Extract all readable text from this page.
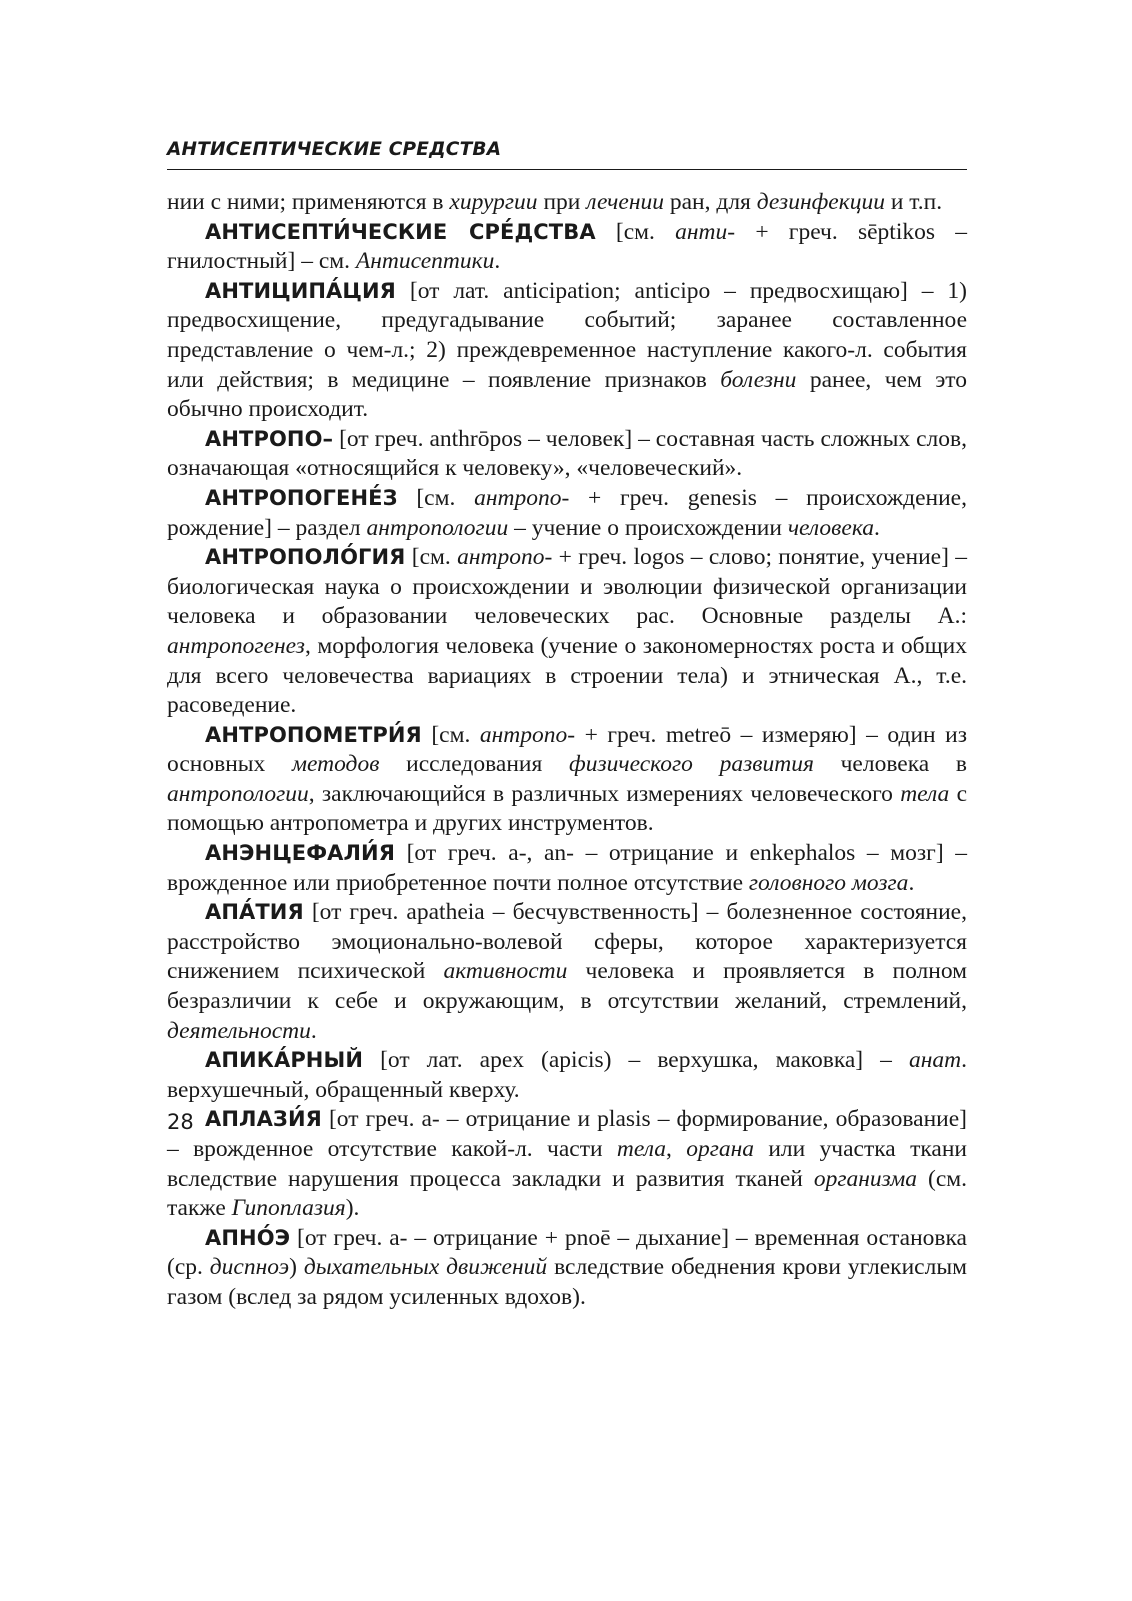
АНТИСЕПТИЧЕСКИЕ СРЕДСТВА

нии с ними; применяются в хирургии при лечении ран, для дезинфекции и т.п.

АНТИСЕПТИ́ЧЕСКИЕ СРЕ́ДСТВА [см. анти- + греч. sēptikos – гнилостный] – см. Антисептики.

АНТИЦИПА́ЦИЯ [от лат. anticipation; anticipo – предвосхищаю] – 1) предвосхищение, предугадывание событий; заранее составленное представление о чем-л.; 2) преждевременное наступление какого-л. события или действия; в медицине – появление признаков болезни ранее, чем это обычно происходит.

АНТРОПО– [от греч. anthrōpos – человек] – составная часть сложных слов, означающая «относящийся к человеку», «человеческий».

АНТРОПОГЕНЕ́З [см. антропо- + греч. genesis – происхождение, рождение] – раздел антропологии – учение о происхождении человека.

АНТРОПОЛО́ГИЯ [см. антропо- + греч. logos – слово; понятие, учение] – биологическая наука о происхождении и эволюции физической организации человека и образовании человеческих рас. Основные разделы А.: антропогенез, морфология человека (учение о закономерностях роста и общих для всего человечества вариациях в строении тела) и этническая А., т.е. расоведение.

АНТРОПОМЕТРИ́Я [см. антропо- + греч. metreō – измеряю] – один из основных методов исследования физического развития человека в антропологии, заключающийся в различных измерениях человеческого тела с помощью антропометра и других инструментов.

АНЭНЦЕФАЛИ́Я [от греч. a-, an- – отрицание и enkephalos – мозг] – врожденное или приобретенное почти полное отсутствие головного мозга.

АПА́ТИЯ [от греч. apatheia – бесчувственность] – болезненное состояние, расстройство эмоционально-волевой сферы, которое характеризуется снижением психической активности человека и проявляется в полном безразличии к себе и окружающим, в отсутствии желаний, стремлений, деятельности.

АПИКА́РНЫЙ [от лат. apex (apicis) – верхушка, маковка] – анат. верхушечный, обращенный кверху.

АПЛАЗИ́Я [от греч. a- – отрицание и plasis – формирование, образование] – врожденное отсутствие какой-л. части тела, органа или участка ткани вследствие нарушения процесса закладки и развития тканей организма (см. также Гипоплазия).

АПНО́Э [от греч. a- – отрицание + pnoē – дыхание] – временная остановка (ср. диспноэ) дыхательных движений вследствие обеднения крови углекислым газом (вслед за рядом усиленных вдохов).

28
